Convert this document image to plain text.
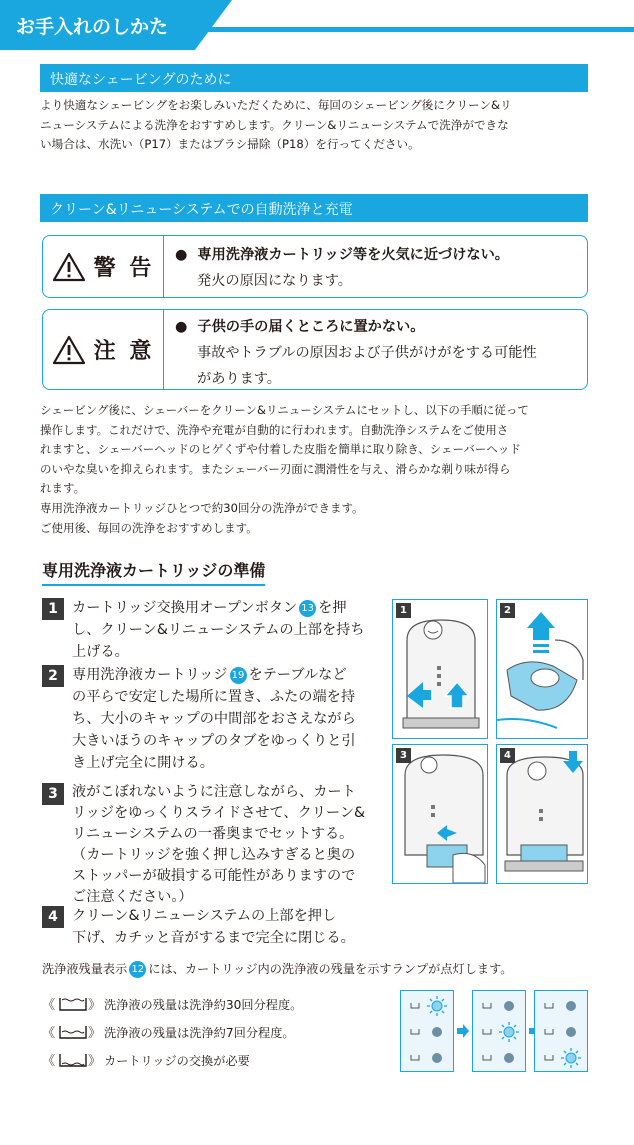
お手入れのしかた
快適なシェービングのために
より快適なシェービングをお楽しみいただくために、毎回のシェービング後にクリーン&リ
ニューシステムによる洗浄をおすすめします。クリーン&リニューシステムで洗浄ができな
い場合は、水洗い（P17）またはブラシ掃除（P18）を行ってください。
クリーン&リニューシステムでの自動洗浄と充電
警 告
● 専用洗浄液カートリッジ等を火気に近づけない。
発火の原因になります。
注 意
● 子供の手の届くところに置かない。
事故やトラブルの原因および子供がけがをする可能性
があります。
シェービング後に、シェーバーをクリーン&リニューシステムにセットし、以下の手順に従って
操作します。これだけで、洗浄や充電が自動的に行われます。自動洗浄システムをご使用さ
れますと、シェーバーヘッドのヒゲくずや付着した皮脂を簡単に取り除き、シェーバーヘッド
のいやな臭いを抑えられます。またシェーバー刃面に潤滑性を与え、滑らかな剃り味が得ら
れます。
専用洗浄液カートリッジひとつで約30回分の洗浄ができます。
ご使用後、毎回の洗浄をおすすめします。
専用洗浄液カートリッジの準備
1 カートリッジ交換用オープンボタン 13 を押
し、クリーン&リニューシステムの上部を持ち
上げる。
2 専用洗浄液カートリッジ 19 をテーブルなど
の平らで安定した場所に置き、ふたの端を持
ち、大小のキャップの中間部をおさえながら
大きいほうのキャップのタブをゆっくりと引
き上げ完全に開ける。
3 液がこぼれないように注意しながら、カート
リッジをゆっくりスライドさせて、クリーン&
リニューシステムの一番奥までセットする。
（カートリッジを強く押し込みすぎると奥の
ストッパーが破損する可能性がありますので
ご注意ください。）
4 クリーン&リニューシステムの上部を押し
下げ、カチッと音がするまで完全に閉じる。
1	2
3	4
洗浄液残量表示 12 には、カートリッジ内の洗浄液の残量を示すランプが点灯します。
《	》 洗浄液の残量は洗浄約30回分程度。
《	》 洗浄液の残量は洗浄約7回分程度。
《	》 カートリッジの交換が必要
